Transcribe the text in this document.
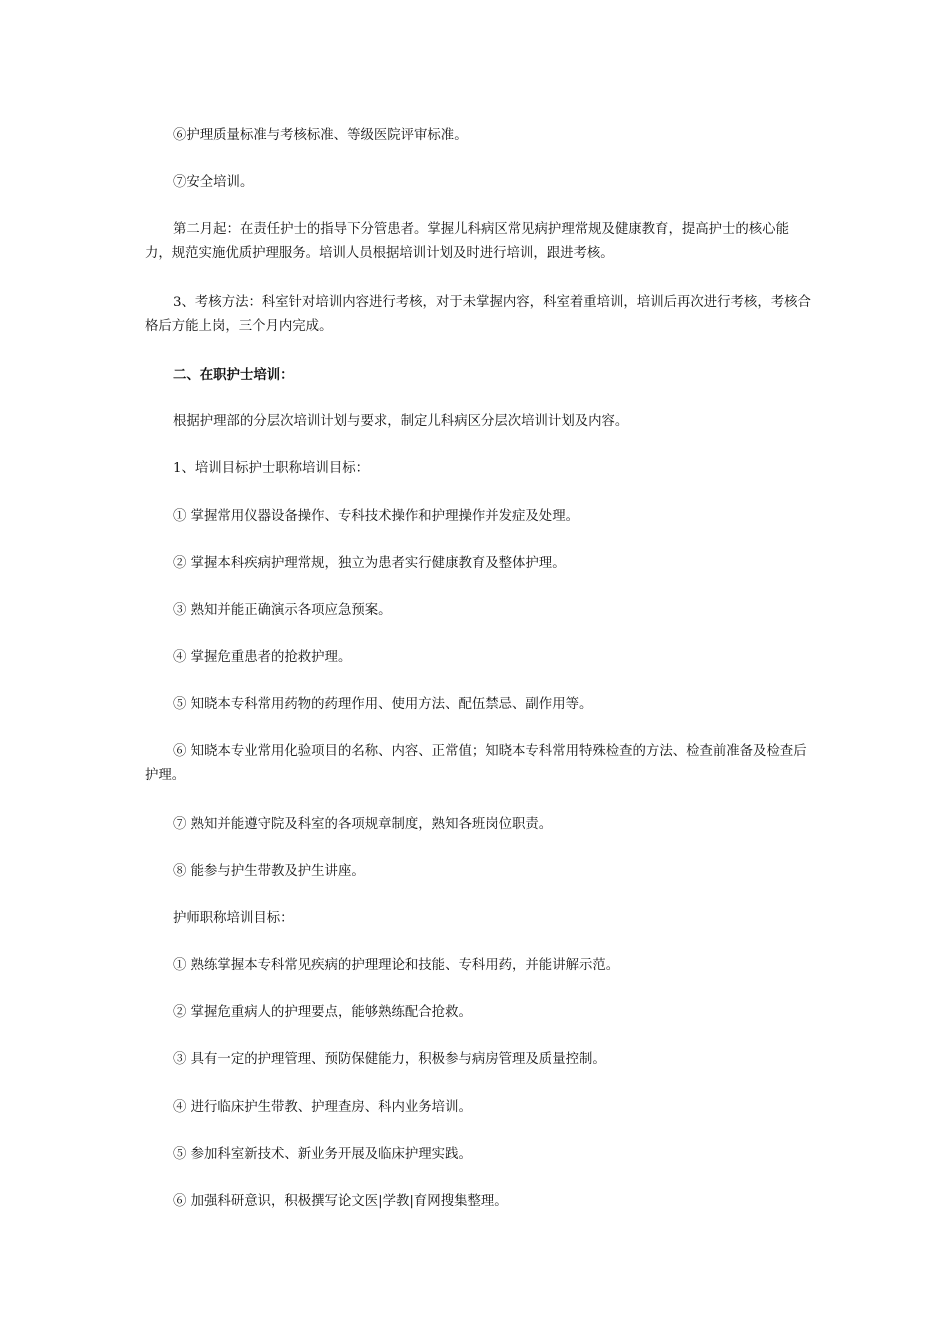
⑥护理质量标准与考核标准、等级医院评审标准。

⑦安全培训。

第二月起：在责任护士的指导下分管患者。掌握儿科病区常见病护理常规及健康教育，提高护士的核心能力，规范实施优质护理服务。培训人员根据培训计划及时进行培训，跟进考核。

3、考核方法：科室针对培训内容进行考核，对于未掌握内容，科室着重培训，培训后再次进行考核，考核合格后方能上岗，三个月内完成。

二、在职护士培训：

根据护理部的分层次培训计划与要求，制定儿科病区分层次培训计划及内容。

1、培训目标护士职称培训目标：

① 掌握常用仪器设备操作、专科技术操作和护理操作并发症及处理。

② 掌握本科疾病护理常规，独立为患者实行健康教育及整体护理。

③ 熟知并能正确演示各项应急预案。

④ 掌握危重患者的抢救护理。

⑤ 知晓本专科常用药物的药理作用、使用方法、配伍禁忌、副作用等。

⑥ 知晓本专业常用化验项目的名称、内容、正常值；知晓本专科常用特殊检查的方法、检查前准备及检查后护理。

⑦ 熟知并能遵守院及科室的各项规章制度，熟知各班岗位职责。

⑧ 能参与护生带教及护生讲座。

护师职称培训目标：

① 熟练掌握本专科常见疾病的护理理论和技能、专科用药，并能讲解示范。

② 掌握危重病人的护理要点，能够熟练配合抢救。

③ 具有一定的护理管理、预防保健能力，积极参与病房管理及质量控制。

④ 进行临床护生带教、护理查房、科内业务培训。

⑤ 参加科室新技术、新业务开展及临床护理实践。

⑥ 加强科研意识，积极撰写论文医|学教|育网搜集整理。
